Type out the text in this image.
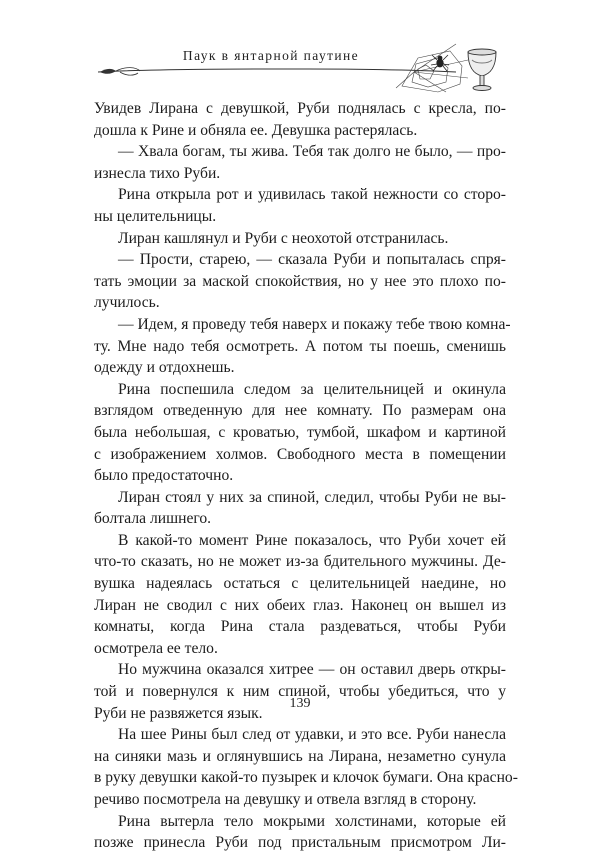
Паук в янтарной паутине
Увидев Лирана с девушкой, Руби поднялась с кресла, по-
дошла к Рине и обняла ее. Девушка растерялась.
— Хвала богам, ты жива. Тебя так долго не было, — про-
изнесла тихо Руби.
Рина открыла рот и удивилась такой нежности со сторо-
ны целительницы.
Лиран кашлянул и Руби с неохотой отстранилась.
— Прости, старею, — сказала Руби и попыталась спря-
тать эмоции за маской спокойствия, но у нее это плохо по-
лучилось.
— Идем, я проведу тебя наверх и покажу тебе твою комна-
ту. Мне надо тебя осмотреть. А потом ты поешь, сменишь
одежду и отдохнешь.
Рина поспешила следом за целительницей и окинула
взглядом отведенную для нее комнату. По размерам она
была небольшая, с кроватью, тумбой, шкафом и картиной
с изображением холмов. Свободного места в помещении
было предостаточно.
Лиран стоял у них за спиной, следил, чтобы Руби не вы-
болтала лишнего.
В какой-то момент Рине показалось, что Руби хочет ей
что-то сказать, но не может из-за бдительного мужчины. Де-
вушка надеялась остаться с целительницей наедине, но
Лиран не сводил с них обеих глаз. Наконец он вышел из
комнаты, когда Рина стала раздеваться, чтобы Руби
осмотрела ее тело.
Но мужчина оказался хитрее — он оставил дверь откры-
той и повернулся к ним спиной, чтобы убедиться, что у
Руби не развяжется язык.
На шее Рины был след от удавки, и это все. Руби нанесла
на синяки мазь и оглянувшись на Лирана, незаметно сунула
в руку девушки какой-то пузырек и клочок бумаги. Она красно-
речиво посмотрела на девушку и отвела взгляд в сторону.
Рина вытерла тело мокрыми холстинами, которые ей
позже принесла Руби под пристальным присмотром Ли-
139
